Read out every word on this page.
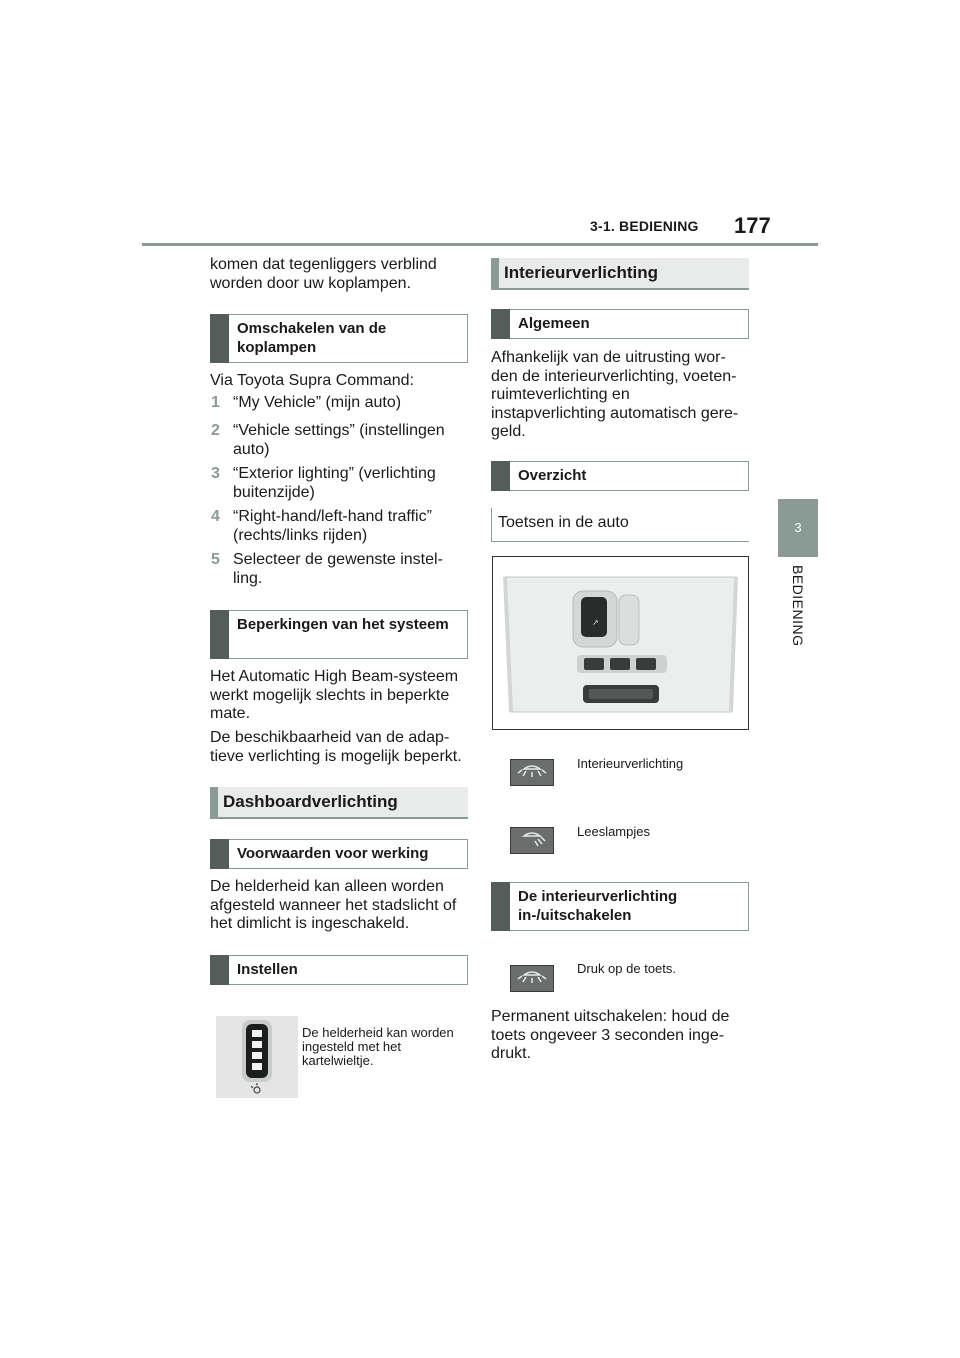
3-1. BEDIENING 177
3
BEDIENING
komen dat tegenliggers verblind worden door uw koplampen.
Omschakelen van de koplampen
Via Toyota Supra Command:
1 “My Vehicle” (mijn auto)
2 “Vehicle settings” (instellingen auto)
3 “Exterior lighting” (verlichting buitenzijde)
4 “Right-hand/left-hand traffic” (rechts/links rijden)
5 Selecteer de gewenste instelling.
Beperkingen van het systeem
Het Automatic High Beam-systeem werkt mogelijk slechts in beperkte mate.
De beschikbaarheid van de adaptieve verlichting is mogelijk beperkt.
Dashboardverlichting
Voorwaarden voor werking
De helderheid kan alleen worden afgesteld wanneer het stadslicht of het dimlicht is ingeschakeld.
Instellen
De helderheid kan worden ingesteld met het kartelwieltje.
Interieurverlichting
Algemeen
Afhankelijk van de uitrusting worden de interieurverlichting, voetenruimteverlichting en instapverlichting automatisch geregeld.
Overzicht
Toetsen in de auto
↗
Interieurverlichting
Leeslampjes
De interieurverlichting in-/uitschakelen
Druk op de toets.
Permanent uitschakelen: houd de toets ongeveer 3 seconden ingedrukt.
